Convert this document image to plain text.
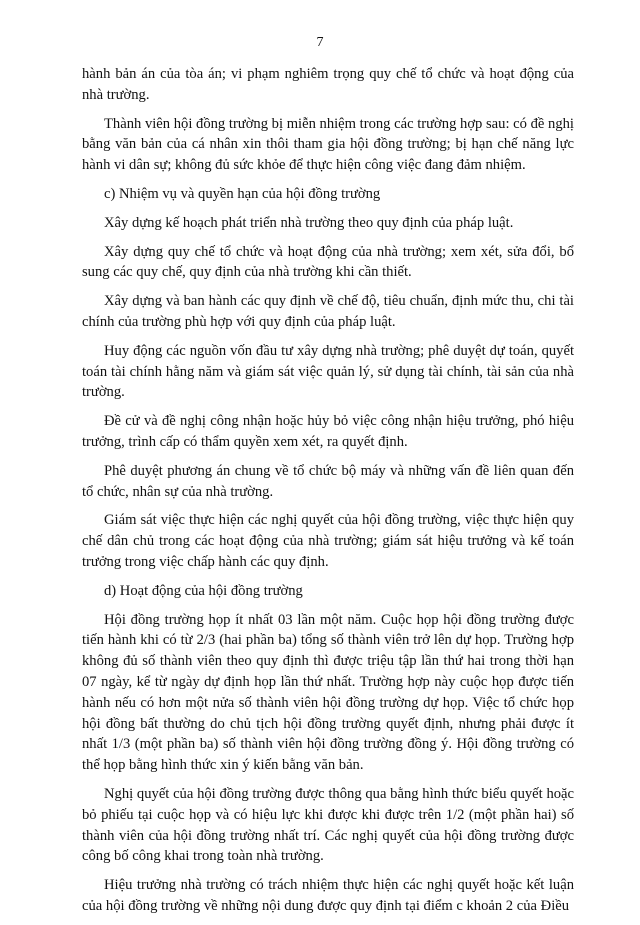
7

hành bản án của tòa án; vi phạm nghiêm trọng quy chế tổ chức và hoạt động của nhà trường.

Thành viên hội đồng trường bị miễn nhiệm trong các trường hợp sau: có đề nghị bằng văn bản của cá nhân xin thôi tham gia hội đồng trường; bị hạn chế năng lực hành vi dân sự; không đủ sức khỏe để thực hiện công việc đang đảm nhiệm.

c) Nhiệm vụ và quyền hạn của hội đồng trường

Xây dựng kế hoạch phát triển nhà trường theo quy định của pháp luật.

Xây dựng quy chế tổ chức và hoạt động của nhà trường; xem xét, sửa đổi, bổ sung các quy chế, quy định của nhà trường khi cần thiết.

Xây dựng và ban hành các quy định về chế độ, tiêu chuẩn, định mức thu, chi tài chính của trường phù hợp với quy định của pháp luật.

Huy động các nguồn vốn đầu tư xây dựng nhà trường; phê duyệt dự toán, quyết toán tài chính hằng năm và giám sát việc quản lý, sử dụng tài chính, tài sản của nhà trường.

Đề cử và đề nghị công nhận hoặc hủy bỏ việc công nhận hiệu trưởng, phó hiệu trưởng, trình cấp có thẩm quyền xem xét, ra quyết định.

Phê duyệt phương án chung về tổ chức bộ máy và những vấn đề liên quan đến tổ chức, nhân sự của nhà trường.

Giám sát việc thực hiện các nghị quyết của hội đồng trường, việc thực hiện quy chế dân chủ trong các hoạt động của nhà trường; giám sát hiệu trưởng và kế toán trưởng trong việc chấp hành các quy định.

d) Hoạt động của hội đồng trường

Hội đồng trường họp ít nhất 03 lần một năm. Cuộc họp hội đồng trường được tiến hành khi có từ 2/3 (hai phần ba) tổng số thành viên trở lên dự họp. Trường hợp không đủ số thành viên theo quy định thì được triệu tập lần thứ hai trong thời hạn 07 ngày, kể từ ngày dự định họp lần thứ nhất. Trường hợp này cuộc họp được tiến hành nếu có hơn một nửa số thành viên hội đồng trường dự họp. Việc tổ chức họp hội đồng bất thường do chủ tịch hội đồng trường quyết định, nhưng phải được ít nhất 1/3 (một phần ba) số thành viên hội đồng trường đồng ý. Hội đồng trường có thể họp bằng hình thức xin ý kiến bằng văn bản.

Nghị quyết của hội đồng trường được thông qua bằng hình thức biểu quyết hoặc bỏ phiếu tại cuộc họp và có hiệu lực khi được khi được trên 1/2 (một phần hai) số thành viên của hội đồng trường nhất trí. Các nghị quyết của hội đồng trường được công bố công khai trong toàn nhà trường.

Hiệu trưởng nhà trường có trách nhiệm thực hiện các nghị quyết hoặc kết luận của hội đồng trường về những nội dung được quy định tại điểm c khoản 2 của Điều
